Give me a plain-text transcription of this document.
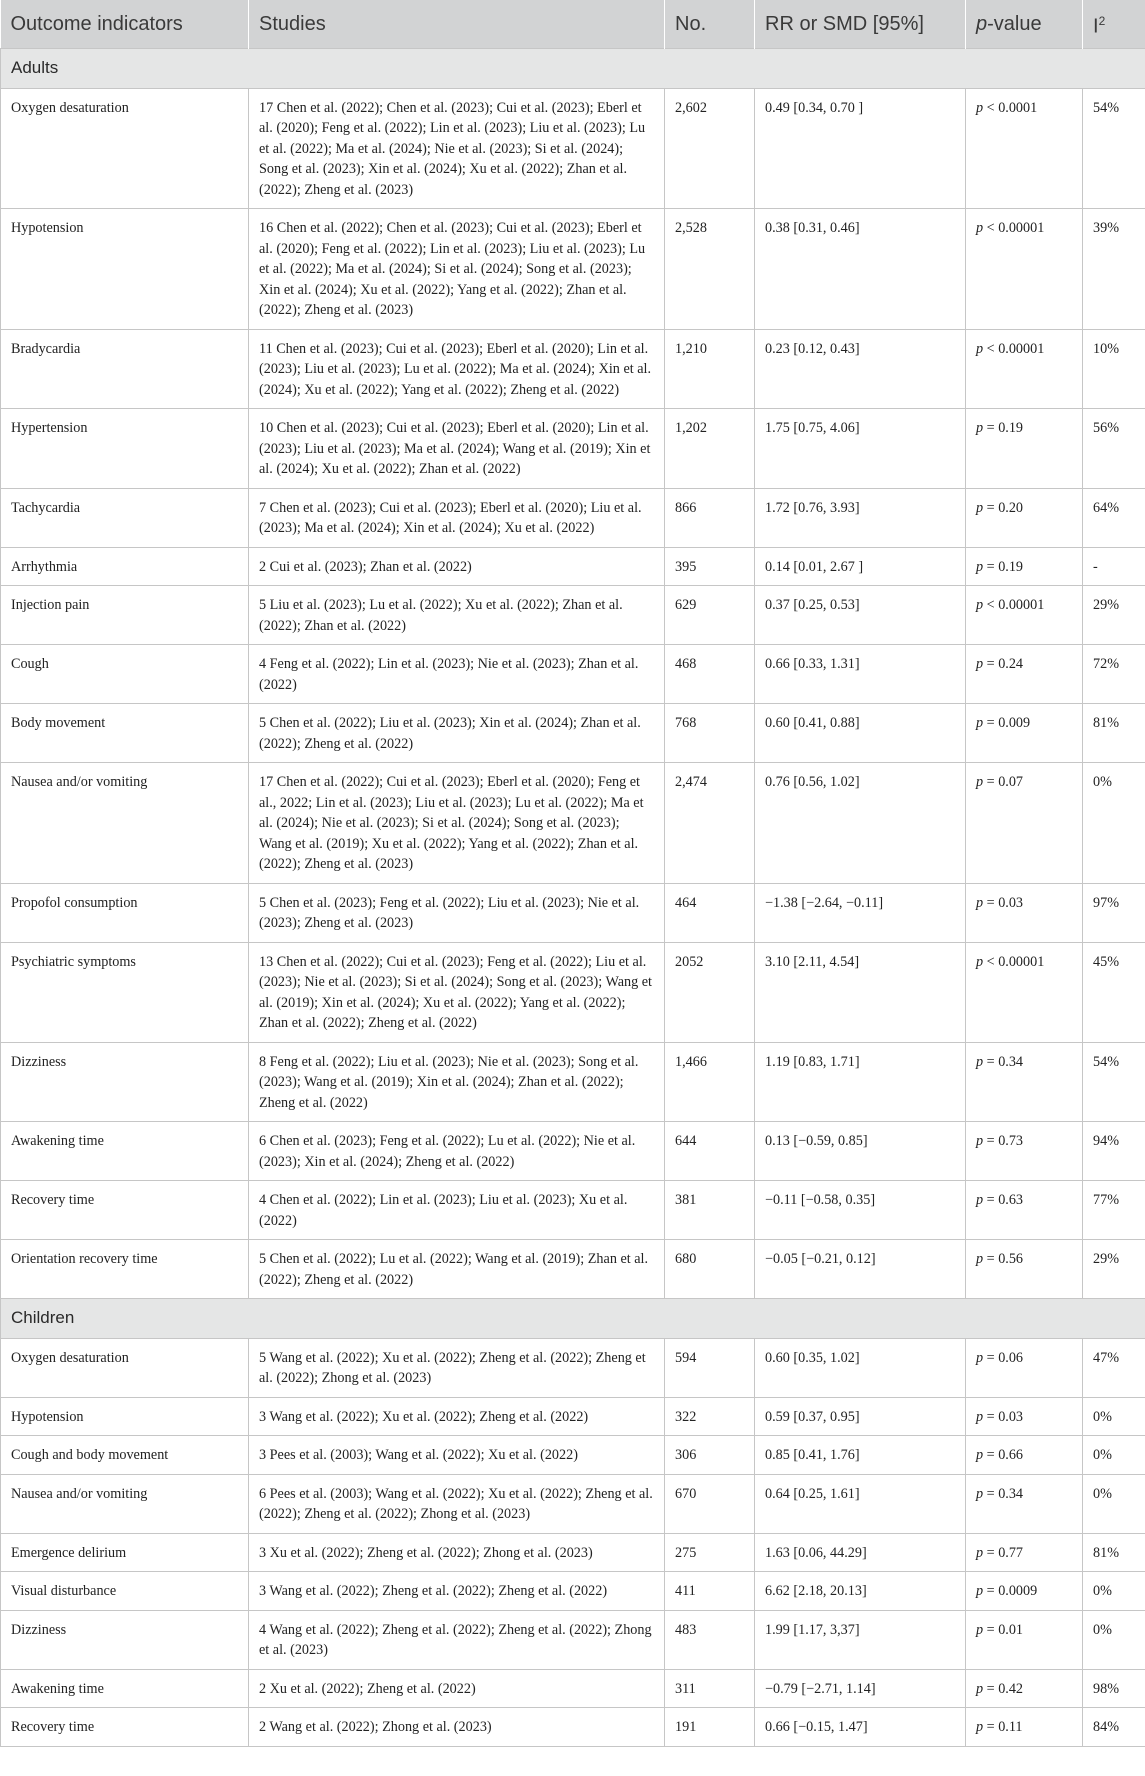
Outcome indicators	Studies	No.	RR or SMD [95%]	p-value	$I^2$
Adults					
Oxygen desaturation	17 Chen et al. (2022); Chen et al. (2023); Cui et al. (2023); Eberl et al. (2020); Feng et al. (2022); Lin et al. (2023); Liu et al. (2023); Lu et al. (2022); Ma et al. (2024); Nie et al. (2023); Si et al. (2024); Song et al. (2023); Xin et al. (2024); Xu et al. (2022); Zhan et al. (2022); Zheng et al. (2023)	2,602	0.49 [0.34, 0.70 ]	p < 0.0001	54%
Hypotension	16 Chen et al. (2022); Chen et al. (2023); Cui et al. (2023); Eberl et al. (2020); Feng et al. (2022); Lin et al. (2023); Liu et al. (2023); Lu et al. (2022); Ma et al. (2024); Si et al. (2024); Song et al. (2023); Xin et al. (2024); Xu et al. (2022); Yang et al. (2022); Zhan et al. (2022); Zheng et al. (2023)	2,528	0.38 [0.31, 0.46]	p < 0.00001	39%
Bradycardia	11 Chen et al. (2023); Cui et al. (2023); Eberl et al. (2020); Lin et al. (2023); Liu et al. (2023); Lu et al. (2022); Ma et al. (2024); Xin et al. (2024); Xu et al. (2022); Yang et al. (2022); Zheng et al. (2022)	1,210	0.23 [0.12, 0.43]	p < 0.00001	10%
Hypertension	10 Chen et al. (2023); Cui et al. (2023); Eberl et al. (2020); Lin et al. (2023); Liu et al. (2023); Ma et al. (2024); Wang et al. (2019); Xin et al. (2024); Xu et al. (2022); Zhan et al. (2022)	1,202	1.75 [0.75, 4.06]	p = 0.19	56%
Tachycardia	7 Chen et al. (2023); Cui et al. (2023); Eberl et al. (2020); Liu et al. (2023); Ma et al. (2024); Xin et al. (2024); Xu et al. (2022)	866	1.72 [0.76, 3.93]	p = 0.20	64%
Arrhythmia	2 Cui et al. (2023); Zhan et al. (2022)	395	0.14 [0.01, 2.67 ]	p = 0.19	-
Injection pain	5 Liu et al. (2023); Lu et al. (2022); Xu et al. (2022); Zhan et al. (2022); Zhan et al. (2022)	629	0.37 [0.25, 0.53]	p < 0.00001	29%
Cough	4 Feng et al. (2022); Lin et al. (2023); Nie et al. (2023); Zhan et al. (2022)	468	0.66 [0.33, 1.31]	p = 0.24	72%
Body movement	5 Chen et al. (2022); Liu et al. (2023); Xin et al. (2024); Zhan et al. (2022); Zheng et al. (2022)	768	0.60 [0.41, 0.88]	p = 0.009	81%
Nausea and/or vomiting	17 Chen et al. (2022); Cui et al. (2023); Eberl et al. (2020); Feng et al., 2022; Lin et al. (2023); Liu et al. (2023); Lu et al. (2022); Ma et al. (2024); Nie et al. (2023); Si et al. (2024); Song et al. (2023); Wang et al. (2019); Xu et al. (2022); Yang et al. (2022); Zhan et al. (2022); Zheng et al. (2023)	2,474	0.76 [0.56, 1.02]	p = 0.07	0%
Propofol consumption	5 Chen et al. (2023); Feng et al. (2022); Liu et al. (2023); Nie et al. (2023); Zheng et al. (2023)	464	−1.38 [−2.64, −0.11]	p = 0.03	97%
Psychiatric symptoms	13 Chen et al. (2022); Cui et al. (2023); Feng et al. (2022); Liu et al. (2023); Nie et al. (2023); Si et al. (2024); Song et al. (2023); Wang et al. (2019); Xin et al. (2024); Xu et al. (2022); Yang et al. (2022); Zhan et al. (2022); Zheng et al. (2022)	2052	3.10 [2.11, 4.54]	p < 0.00001	45%
Dizziness	8 Feng et al. (2022); Liu et al. (2023); Nie et al. (2023); Song et al. (2023); Wang et al. (2019); Xin et al. (2024); Zhan et al. (2022); Zheng et al. (2022)	1,466	1.19 [0.83, 1.71]	p = 0.34	54%
Awakening time	6 Chen et al. (2023); Feng et al. (2022); Lu et al. (2022); Nie et al. (2023); Xin et al. (2024); Zheng et al. (2022)	644	0.13 [−0.59, 0.85]	p = 0.73	94%
Recovery time	4 Chen et al. (2022); Lin et al. (2023); Liu et al. (2023); Xu et al. (2022)	381	−0.11 [−0.58, 0.35]	p = 0.63	77%
Orientation recovery time	5 Chen et al. (2022); Lu et al. (2022); Wang et al. (2019); Zhan et al. (2022); Zheng et al. (2022)	680	−0.05 [−0.21, 0.12]	p = 0.56	29%
Children					
Oxygen desaturation	5 Wang et al. (2022); Xu et al. (2022); Zheng et al. (2022); Zheng et al. (2022); Zhong et al. (2023)	594	0.60 [0.35, 1.02]	p = 0.06	47%
Hypotension	3 Wang et al. (2022); Xu et al. (2022); Zheng et al. (2022)	322	0.59 [0.37, 0.95]	p = 0.03	0%
Cough and body movement	3 Pees et al. (2003); Wang et al. (2022); Xu et al. (2022)	306	0.85 [0.41, 1.76]	p = 0.66	0%
Nausea and/or vomiting	6 Pees et al. (2003); Wang et al. (2022); Xu et al. (2022); Zheng et al. (2022); Zheng et al. (2022); Zhong et al. (2023)	670	0.64 [0.25, 1.61]	p = 0.34	0%
Emergence delirium	3 Xu et al. (2022); Zheng et al. (2022); Zhong et al. (2023)	275	1.63 [0.06, 44.29]	p = 0.77	81%
Visual disturbance	3 Wang et al. (2022); Zheng et al. (2022); Zheng et al. (2022)	411	6.62 [2.18, 20.13]	p = 0.0009	0%
Dizziness	4 Wang et al. (2022); Zheng et al. (2022); Zheng et al. (2022); Zhong et al. (2023)	483	1.99 [1.17, 3,37]	p = 0.01	0%
Awakening time	2 Xu et al. (2022); Zheng et al. (2022)	311	−0.79 [−2.71, 1.14]	p = 0.42	98%
Recovery time	2 Wang et al. (2022); Zhong et al. (2023)	191	0.66 [−0.15, 1.47]	p = 0.11	84%
